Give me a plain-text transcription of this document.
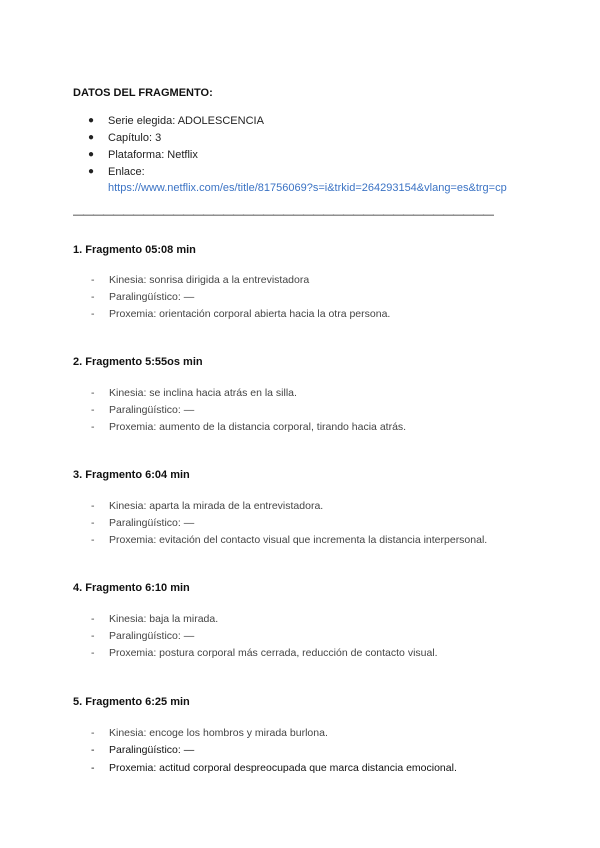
DATOS DEL FRAGMENTO:
●	Serie elegida: ADOLESCENCIA
●	Capítulo: 3
●	Plataforma: Netflix
●	Enlace:
https://www.netflix.com/es/title/81756069?s=i&trkid=264293154&vlang=es&trg=cp
——————————————————————————————————————————
1. Fragmento 05:08 min
-	Kinesia: sonrisa dirigida a la entrevistadora
-	Paralingüístico: —
-	Proxemia: orientación corporal abierta hacia la otra persona.
2. Fragmento 5:55os min
-	Kinesia: se inclina hacia atrás en la silla.
-	Paralingüístico: —
-	Proxemia: aumento de la distancia corporal, tirando hacia atrás.
3. Fragmento 6:04 min
-	Kinesia: aparta la mirada de la entrevistadora.
-	Paralingüístico: —
-	Proxemia: evitación del contacto visual que incrementa la distancia interpersonal.
4. Fragmento 6:10 min
-	Kinesia: baja la mirada.
-	Paralingüístico: —
-	Proxemia: postura corporal más cerrada, reducción de contacto visual.
5. Fragmento 6:25 min
-	Kinesia: encoge los hombros y mirada burlona.
-	Paralingüístico: —
-	Proxemia: actitud corporal despreocupada que marca distancia emocional.
